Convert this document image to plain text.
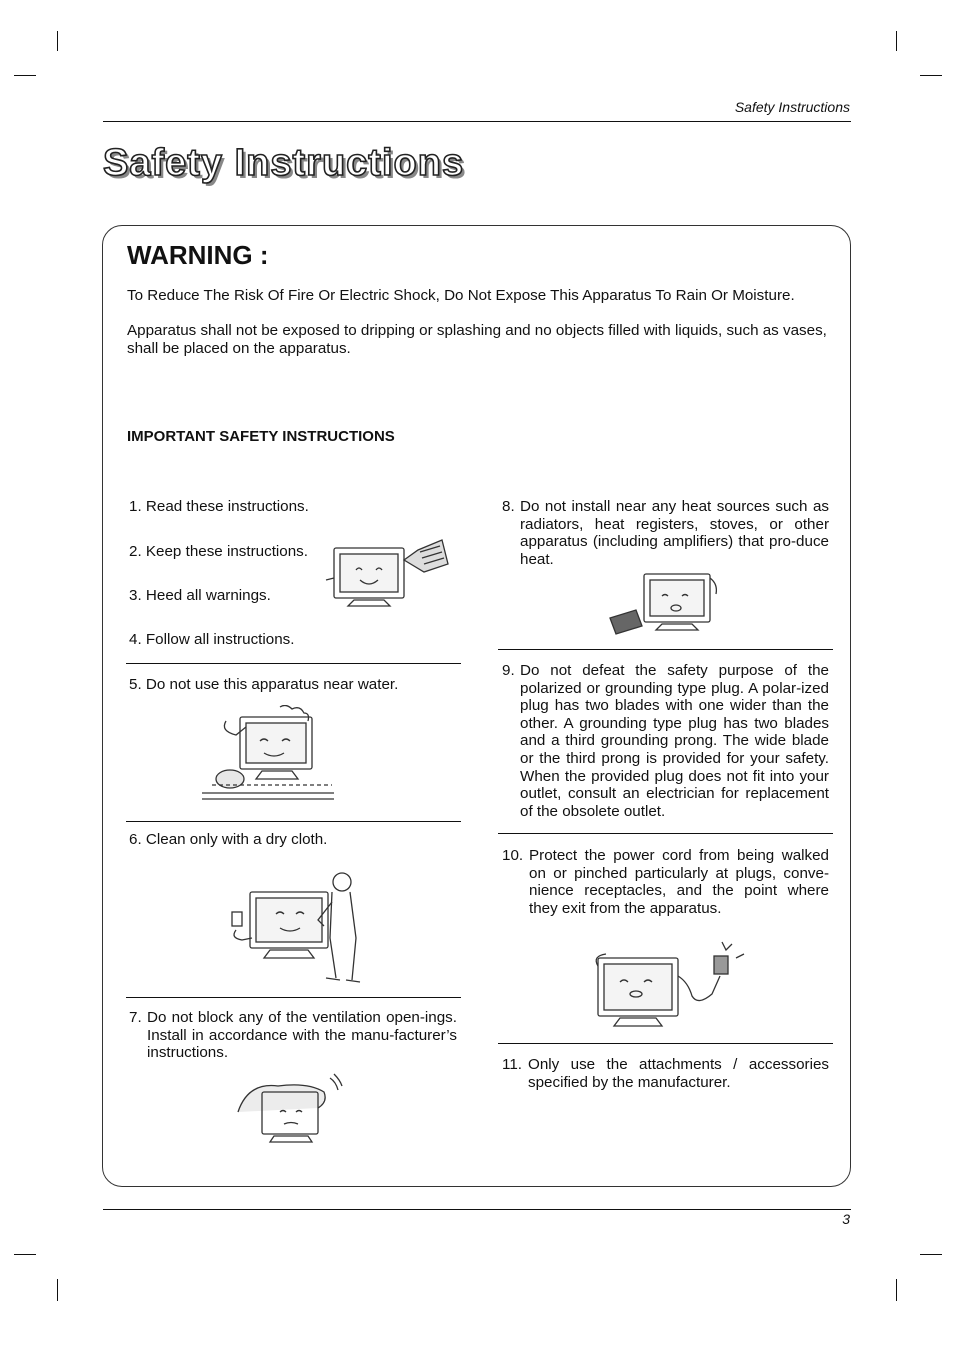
Safety Instructions
Safety Instructions
WARNING :
To Reduce The Risk Of Fire Or Electric Shock, Do Not Expose This Apparatus To Rain Or Moisture.
Apparatus shall not be exposed to dripping or splashing and no objects filled with liquids, such as vases, shall be placed on the apparatus.
IMPORTANT SAFETY INSTRUCTIONS
1. Read these instructions.
2. Keep these instructions.
3. Heed all warnings.
4. Follow all instructions.
5. Do not use this apparatus near water.
6. Clean only with a dry cloth.
7. Do not block any of the ventilation open-ings. Install in accordance with the manu-facturer’s instructions.
8. Do not install near any heat sources such as radiators, heat registers, stoves, or other apparatus (including amplifiers) that pro-duce heat.
9. Do not defeat the safety purpose of the polarized or grounding type plug. A polar-ized plug has two blades with one wider than the other. A grounding type plug has two blades and a third grounding prong. The wide blade or the third prong is provided for your safety. When the provided plug does not fit into your outlet, consult an electrician for replacement of the obsolete outlet.
10. Protect the power cord from being walked on or pinched particularly at plugs, conve-nience receptacles, and the point where they exit from the apparatus.
11. Only use the attachments / accessories specified by the manufacturer.
3
